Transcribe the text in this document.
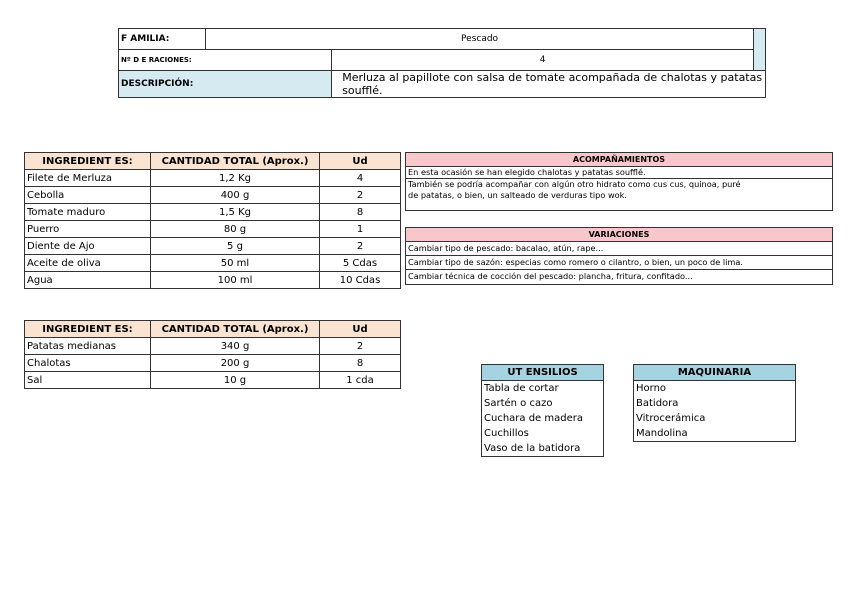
F AMILIA:	Pescado		
Nº D E RACIONES:		4	
DESCRIPCIÓN:		Merluza al papillote con salsa de tomate acompañada de chalotas y patatas soufflé.	
INGREDIENT ES:	CANTIDAD TOTAL (Aprox.)	Ud
Filete de Merluza	1,2 Kg	4
Cebolla	400 g	2
Tomate maduro	1,5 Kg	8
Puerro	80 g	1
Diente de Ajo	5 g	2
Aceite de oliva	50 ml	5 Cdas
Agua	100 ml	10 Cdas
INGREDIENT ES:	CANTIDAD TOTAL (Aprox.)	Ud
Patatas medianas	340 g	2
Chalotas	200 g	8
Sal	10 g	1 cda
ACOMPAÑAMIENTOS
En esta ocasión se han elegido chalotas y patatas soufflé.
También se podría acompañar con algún otro hidrato como cus cus, quinoa, puré
de patatas, o bien, un salteado de verduras tipo wok.
VARIACIONES
Cambiar tipo de pescado: bacalao, atún, rape...
Cambiar tipo de sazón: especias como romero o cilantro, o bien, un poco de lima.
Cambiar técnica de cocción del pescado: plancha, fritura, confitado...
UT ENSILIOS
Tabla de cortar
Sartén o cazo
Cuchara de madera
Cuchillos
Vaso de la batidora
MAQUINARIA
Horno
Batidora
Vitrocerámica
Mandolina
